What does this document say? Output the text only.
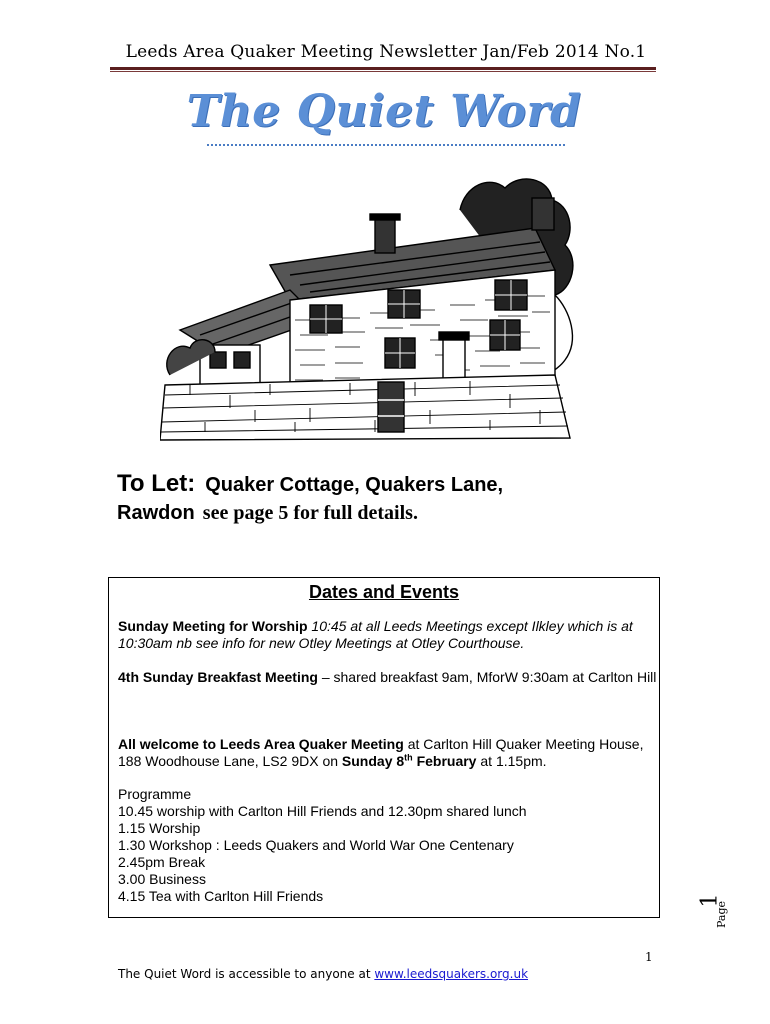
Leeds Area Quaker Meeting Newsletter Jan/Feb 2014 No.1
The Quiet Word
To Let: Quaker Cottage, Quakers Lane,
Rawdon see page 5 for full details.
Dates and Events
Sunday Meeting for Worship 10:45 at all Leeds Meetings except Ilkley which is at 10:30am nb see info for new Otley Meetings at Otley Courthouse.
4th Sunday Breakfast Meeting – shared breakfast 9am, MforW 9:30am at Carlton Hill
All welcome to Leeds Area Quaker Meeting at Carlton Hill Quaker Meeting House, 188 Woodhouse Lane, LS2 9DX on Sunday 8th February at 1.15pm.
Programme
10.45 worship with Carlton Hill Friends and 12.30pm shared lunch
1.15 Worship
1.30 Workshop : Leeds Quakers and World War One Centenary
2.45pm Break
3.00 Business
4.15 Tea with Carlton Hill Friends
Page
1
1
The Quiet Word is accessible to anyone at www.leedsquakers.org.uk
